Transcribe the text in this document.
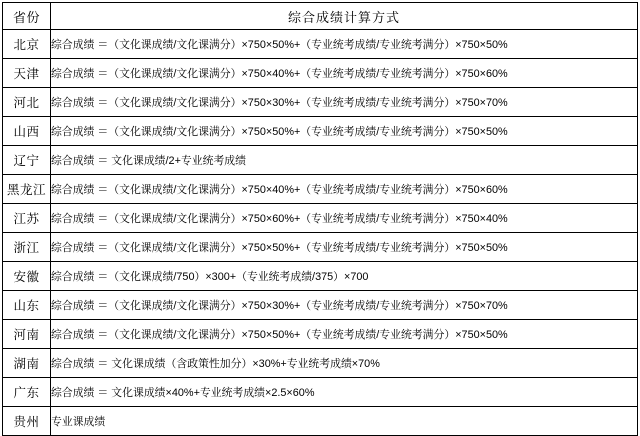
省份	综合成绩计算方式
北京	综合成绩 ＝（文化课成绩/文化课满分）×750×50%+（专业统考成绩/专业统考满分）×750×50%

天津	综合成绩 ＝（文化课成绩/文化课满分）×750×40%+（专业统考成绩/专业统考满分）×750×60%

河北	综合成绩 ＝（文化课成绩/文化课满分）×750×30%+（专业统考成绩/专业统考满分）×750×70%

山西	综合成绩 ＝（文化课成绩/文化课满分）×750×50%+（专业统考成绩/专业统考满分）×750×50%

辽宁	综合成绩 ＝ 文化课成绩/2+专业统考成绩

黑龙江	综合成绩 ＝（文化课成绩/文化课满分）×750×40%+（专业统考成绩/专业统考满分）×750×60%

江苏	综合成绩 ＝（文化课成绩/文化课满分）×750×60%+（专业统考成绩/专业统考满分）×750×40%

浙江	综合成绩 ＝（文化课成绩/文化课满分）×750×50%+（专业统考成绩/专业统考满分）×750×50%

安徽	综合成绩 ＝（文化课成绩/750）×300+（专业统考成绩/375）×700

山东	综合成绩 ＝（文化课成绩/文化课满分）×750×30%+（专业统考成绩/专业统考满分）×750×70%

河南	综合成绩 ＝（文化课成绩/文化课满分）×750×50%+（专业统考成绩/专业统考满分）×750×50%

湖南	综合成绩 ＝ 文化课成绩（含政策性加分）×30%+专业统考成绩×70%

广东	综合成绩 ＝ 文化课成绩×40%+专业统考成绩×2.5×60%

贵州	专业课成绩
